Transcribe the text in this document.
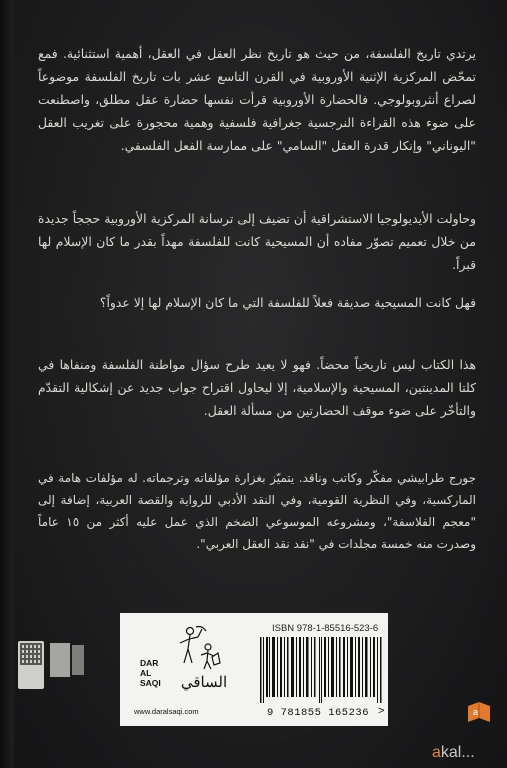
يرتدي تاريخ الفلسفة، من حيث هو تاريخ نظر العقل في العقل، أهمية استثنائية. فمع تمحّض المركزية الإثنية الأوروبية في القرن التاسع عشر بات تاريخ الفلسفة موضوعاً لصراع أنثروبولوجي. فالحضارة الأوروبية قرأت نفسها حضارة عقل مطلق، واصطنعت على ضوء هذه القراءة النرجسية جغرافية فلسفية وهمية محجورة على تغريب العقل "اليوناني" وإنكار قدرة العقل "السامي" على ممارسة الفعل الفلسفي.

وحاولت الأيديولوجيا الاستشراقية أن تضيف إلى ترسانة المركزية الأوروبية حججاً جديدة من خلال تعميم تصوّر مفاده أن المسيحية كانت للفلسفة مهداً بقدر ما كان الإسلام لها قبراً.

فهل كانت المسيحية صديقة فعلاً للفلسفة التي ما كان الإسلام لها إلا عدواً؟

هذا الكتاب ليس تاريخياً محضاً. فهو لا يعيد طرح سؤال مواطنة الفلسفة ومنفاها في كلتا المدينتين، المسيحية والإسلامية، إلا ليحاول اقتراح جواب جديد عن إشكالية التقدّم والتأخّر على ضوء موقف الحضارتين من مسألة العقل.

جورج طرابيشي مفكّر وكاتب وناقد. يتميّز بغزارة مؤلفاته وترجماته. له مؤلفات هامة في الماركسية، وفي النظرية القومية، وفي النقد الأدبي للرواية والقصة العربية، إضافة إلى "معجم الفلاسفة"، ومشروعه الموسوعي الضخم الذي عمل عليه أكثر من ١٥ عاماً وصدرت منه خمسة مجلدات في "نقد نقد العقل العربي".

ISBN 978-1-85516-523-6
9 781855 165236 >
DAR
AL SAQI	الساقي
www.daralsaqi.com	a
akal...
